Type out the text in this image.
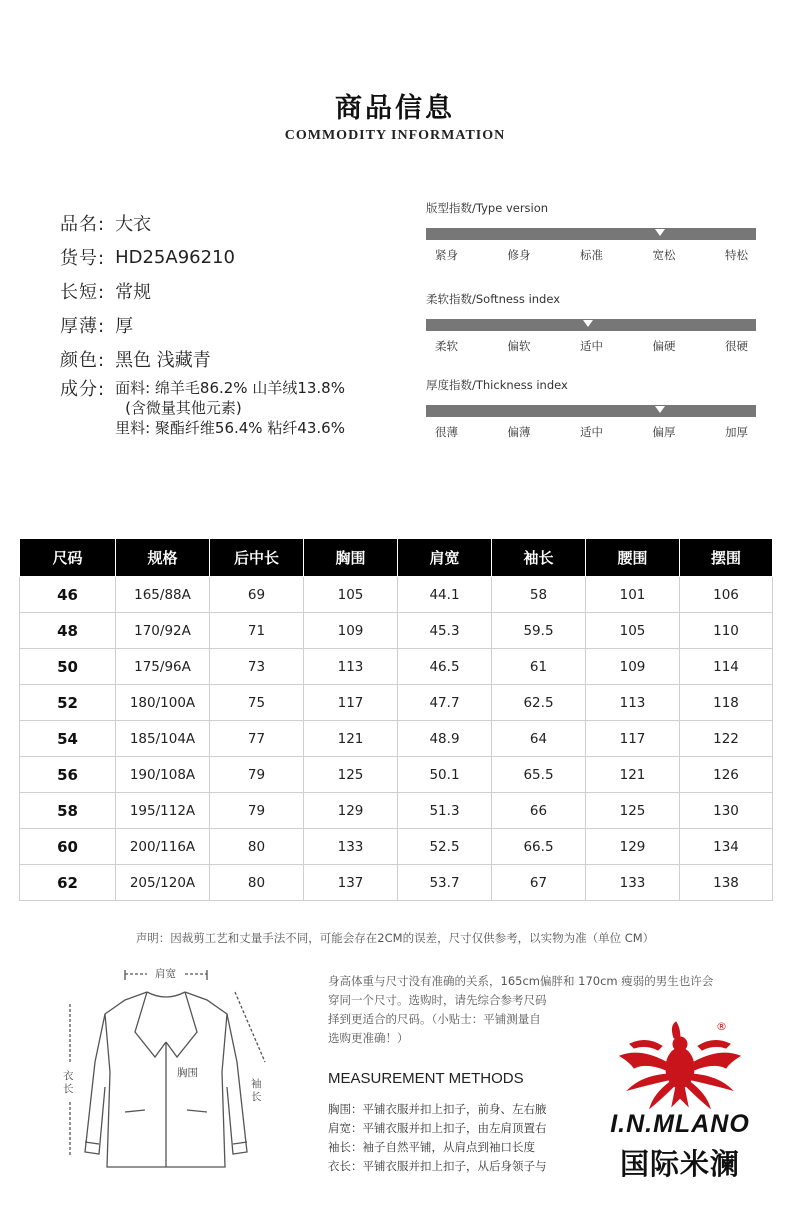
商品信息
COMMODITY INFORMATION
品名: 大衣
货号: HD25A96210
长短: 常规
厚薄: 厚
颜色: 黑色 浅藏青
成分: 面料: 绵羊毛86.2% 山羊绒13.8%
(含微量其他元素)
里料: 聚酯纤维56.4% 粘纤43.6%
版型指数/Type version
紧身	修身	标准	宽松	特松
柔软指数/Softness index
柔软	偏软	适中	偏硬	很硬
厚度指数/Thickness index
很薄	偏薄	适中	偏厚	加厚
尺码	规格	后中长	胸围	肩宽	袖长	腰围	摆围
46	165/88A	69	105	44.1	58	101	106
48	170/92A	71	109	45.3	59.5	105	110
50	175/96A	73	113	46.5	61	109	114
52	180/100A	75	117	47.7	62.5	113	118
54	185/104A	77	121	48.9	64	117	122
56	190/108A	79	125	50.1	65.5	121	126
58	195/112A	79	129	51.3	66	125	130
60	200/116A	80	133	52.5	66.5	129	134
62	205/120A	80	137	53.7	67	133	138
声明：因裁剪工艺和丈量手法不同，可能会存在2CM的误差，尺寸仅供参考，以实物为准（单位 CM）
肩宽
胸围
衣长	袖长
身高体重与尺寸没有准确的关系，165cm偏胖和 170cm 瘦弱的男生也许会
穿同一个尺寸。选购时，请先综合参考尺码
择到更适合的尺码。（小贴士：平铺测量自
选购更准确！）
MEASUREMENT METHODS
胸围：平铺衣服并扣上扣子，前身、左右腋
肩宽：平铺衣服并扣上扣子，由左肩顶置右
袖长：袖子自然平铺，从肩点到袖口长度
衣长：平铺衣服并扣上扣子，从后身领子与
®
I.N.MLANO
国际米澜
